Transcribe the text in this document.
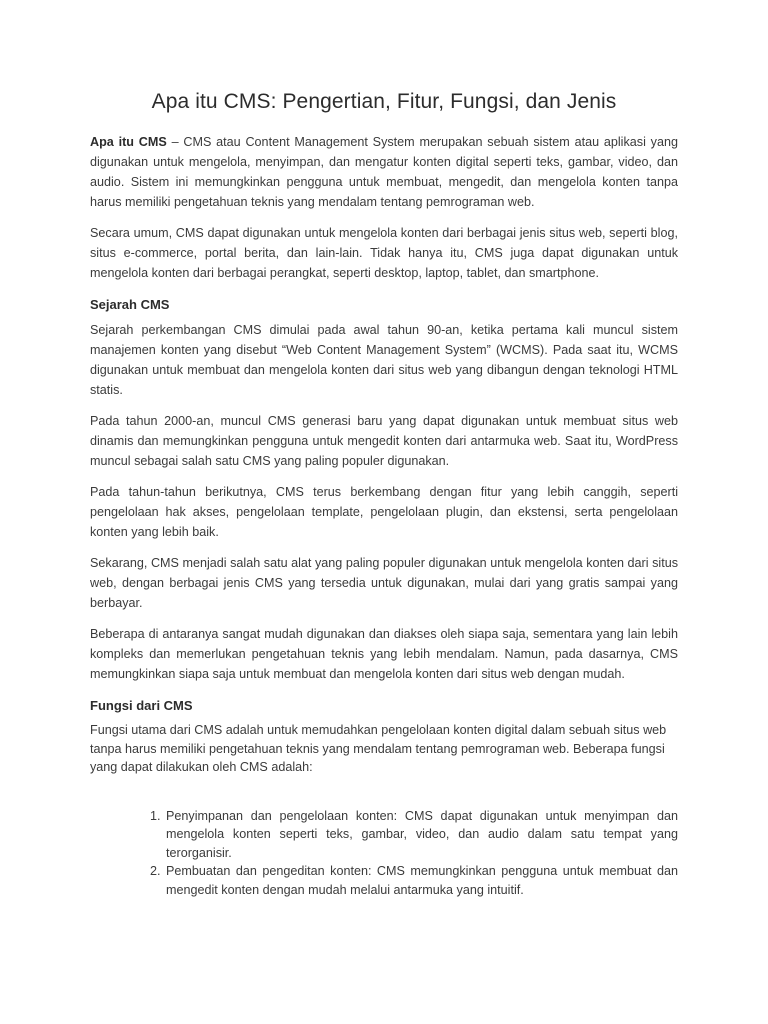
Apa itu CMS: Pengertian, Fitur, Fungsi, dan Jenis

Apa itu CMS – CMS atau Content Management System merupakan sebuah sistem atau aplikasi yang digunakan untuk mengelola, menyimpan, dan mengatur konten digital seperti teks, gambar, video, dan audio. Sistem ini memungkinkan pengguna untuk membuat, mengedit, dan mengelola konten tanpa harus memiliki pengetahuan teknis yang mendalam tentang pemrograman web.

Secara umum, CMS dapat digunakan untuk mengelola konten dari berbagai jenis situs web, seperti blog, situs e-commerce, portal berita, dan lain-lain. Tidak hanya itu, CMS juga dapat digunakan untuk mengelola konten dari berbagai perangkat, seperti desktop, laptop, tablet, dan smartphone.

Sejarah CMS

Sejarah perkembangan CMS dimulai pada awal tahun 90-an, ketika pertama kali muncul sistem manajemen konten yang disebut “Web Content Management System” (WCMS). Pada saat itu, WCMS digunakan untuk membuat dan mengelola konten dari situs web yang dibangun dengan teknologi HTML statis.

Pada tahun 2000-an, muncul CMS generasi baru yang dapat digunakan untuk membuat situs web dinamis dan memungkinkan pengguna untuk mengedit konten dari antarmuka web. Saat itu, WordPress muncul sebagai salah satu CMS yang paling populer digunakan.

Pada tahun-tahun berikutnya, CMS terus berkembang dengan fitur yang lebih canggih, seperti pengelolaan hak akses, pengelolaan template, pengelolaan plugin, dan ekstensi, serta pengelolaan konten yang lebih baik.

Sekarang, CMS menjadi salah satu alat yang paling populer digunakan untuk mengelola konten dari situs web, dengan berbagai jenis CMS yang tersedia untuk digunakan, mulai dari yang gratis sampai yang berbayar.

Beberapa di antaranya sangat mudah digunakan dan diakses oleh siapa saja, sementara yang lain lebih kompleks dan memerlukan pengetahuan teknis yang lebih mendalam. Namun, pada dasarnya, CMS memungkinkan siapa saja untuk membuat dan mengelola konten dari situs web dengan mudah.

Fungsi dari CMS

Fungsi utama dari CMS adalah untuk memudahkan pengelolaan konten digital dalam sebuah situs web tanpa harus memiliki pengetahuan teknis yang mendalam tentang pemrograman web. Beberapa fungsi yang dapat dilakukan oleh CMS adalah:

1. Penyimpanan dan pengelolaan konten: CMS dapat digunakan untuk menyimpan dan mengelola konten seperti teks, gambar, video, dan audio dalam satu tempat yang terorganisir.
2. Pembuatan dan pengeditan konten: CMS memungkinkan pengguna untuk membuat dan mengedit konten dengan mudah melalui antarmuka yang intuitif.
